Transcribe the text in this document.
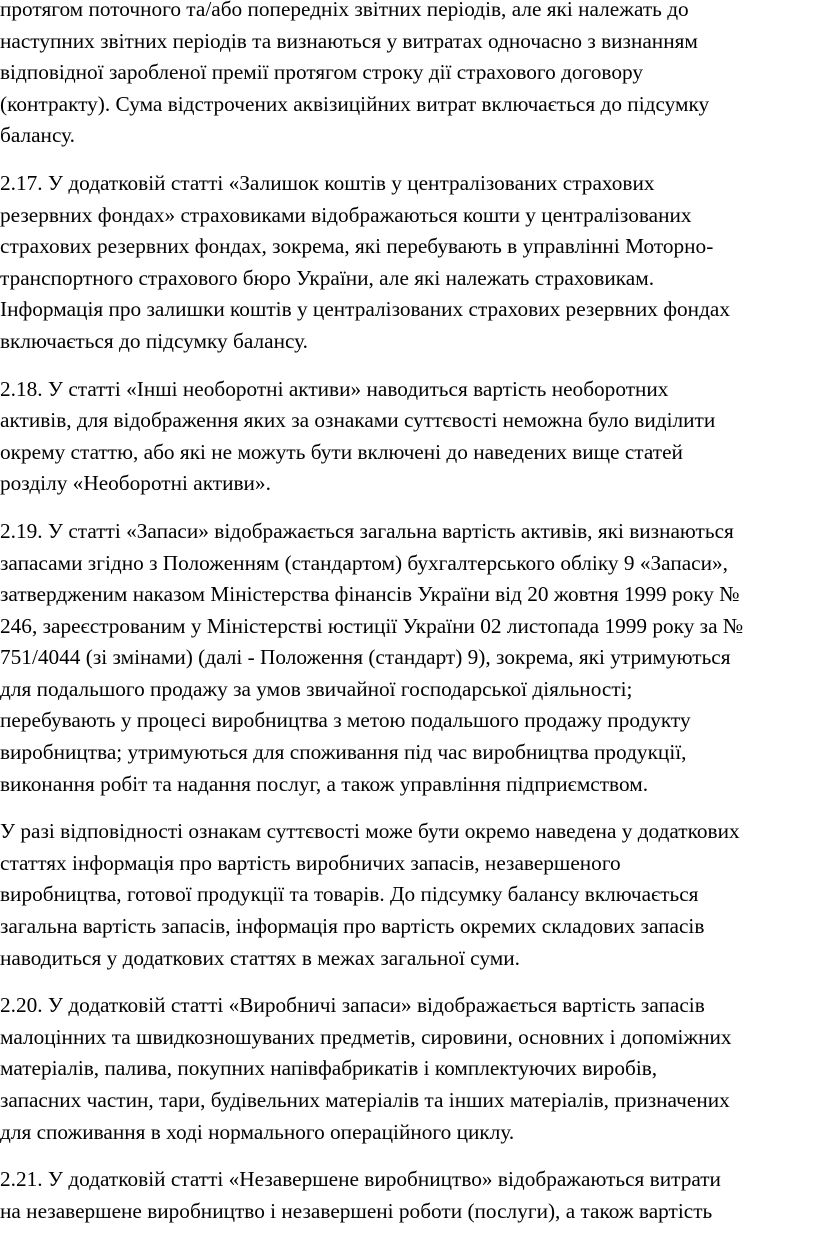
протягом поточного та/або попередніх звітних періодів, але які належать до
наступних звітних періодів та визнаються у витратах одночасно з визнанням
відповідної заробленої премії протягом строку дії страхового договору
(контракту). Сума відстрочених аквізиційних витрат включається до підсумку
балансу.

2.17. У додатковій статті «Залишок коштів у централізованих страхових
резервних фондах» страховиками відображаються кошти у централізованих
страхових резервних фондах, зокрема, які перебувають в управлінні Моторно-
транспортного страхового бюро України, але які належать страховикам.
Інформація про залишки коштів у централізованих страхових резервних фондах
включається до підсумку балансу.

2.18. У статті «Інші необоротні активи» наводиться вартість необоротних
активів, для відображення яких за ознаками суттєвості неможна було виділити
окрему статтю, або які не можуть бути включені до наведених вище статей
розділу «Необоротні активи».

2.19. У статті «Запаси» відображається загальна вартість активів, які визнаються
запасами згідно з Положенням (стандартом) бухгалтерського обліку 9 «Запаси»,
затвердженим наказом Міністерства фінансів України від 20 жовтня 1999 року №
246, зареєстрованим у Міністерстві юстиції України 02 листопада 1999 року за №
751/4044 (зі змінами) (далі - Положення (стандарт) 9), зокрема, які утримуються
для подальшого продажу за умов звичайної господарської діяльності;
перебувають у процесі виробництва з метою подальшого продажу продукту
виробництва; утримуються для споживання під час виробництва продукції,
виконання робіт та надання послуг, а також управління підприємством.

У разі відповідності ознакам суттєвості може бути окремо наведена у додаткових
статтях інформація про вартість виробничих запасів, незавершеного
виробництва, готової продукції та товарів. До підсумку балансу включається
загальна вартість запасів, інформація про вартість окремих складових запасів
наводиться у додаткових статтях в межах загальної суми.

2.20. У додатковій статті «Виробничі запаси» відображається вартість запасів
малоцінних та швидкозношуваних предметів, сировини, основних і допоміжних
матеріалів, палива, покупних напівфабрикатів і комплектуючих виробів,
запасних частин, тари, будівельних матеріалів та інших матеріалів, призначених
для споживання в ході нормального операційного циклу.

2.21. У додатковій статті «Незавершене виробництво» відображаються витрати
на незавершене виробництво і незавершені роботи (послуги), а також вартість
